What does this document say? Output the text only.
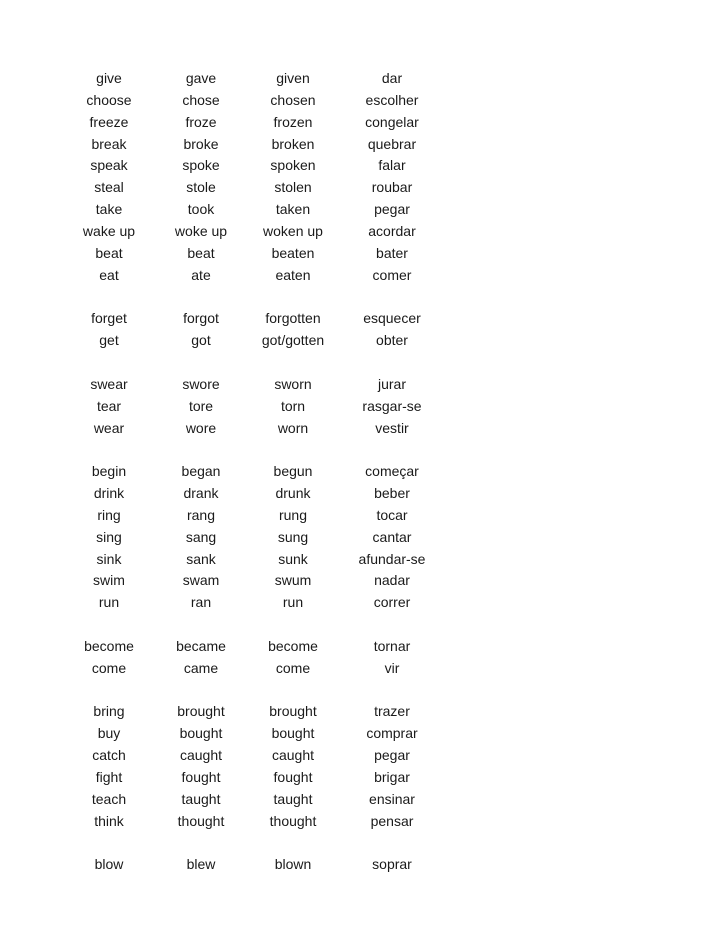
give	gave	given	dar
choose	chose	chosen	escolher
freeze	froze	frozen	congelar
break	broke	broken	quebrar
speak	spoke	spoken	falar
steal	stole	stolen	roubar
take	took	taken	pegar
wake up	woke up	woken up	acordar
beat	beat	beaten	bater
eat	ate	eaten	comer
forget	forgot	forgotten	esquecer
get	got	got/gotten	obter
swear	swore	sworn	jurar
tear	tore	torn	rasgar-se
wear	wore	worn	vestir
begin	began	begun	começar
drink	drank	drunk	beber
ring	rang	rung	tocar
sing	sang	sung	cantar
sink	sank	sunk	afundar-se
swim	swam	swum	nadar
run	ran	run	correr
become	became	become	tornar
come	came	come	vir
bring	brought	brought	trazer
buy	bought	bought	comprar
catch	caught	caught	pegar
fight	fought	fought	brigar
teach	taught	taught	ensinar
think	thought	thought	pensar
blow	blew	blown	soprar
